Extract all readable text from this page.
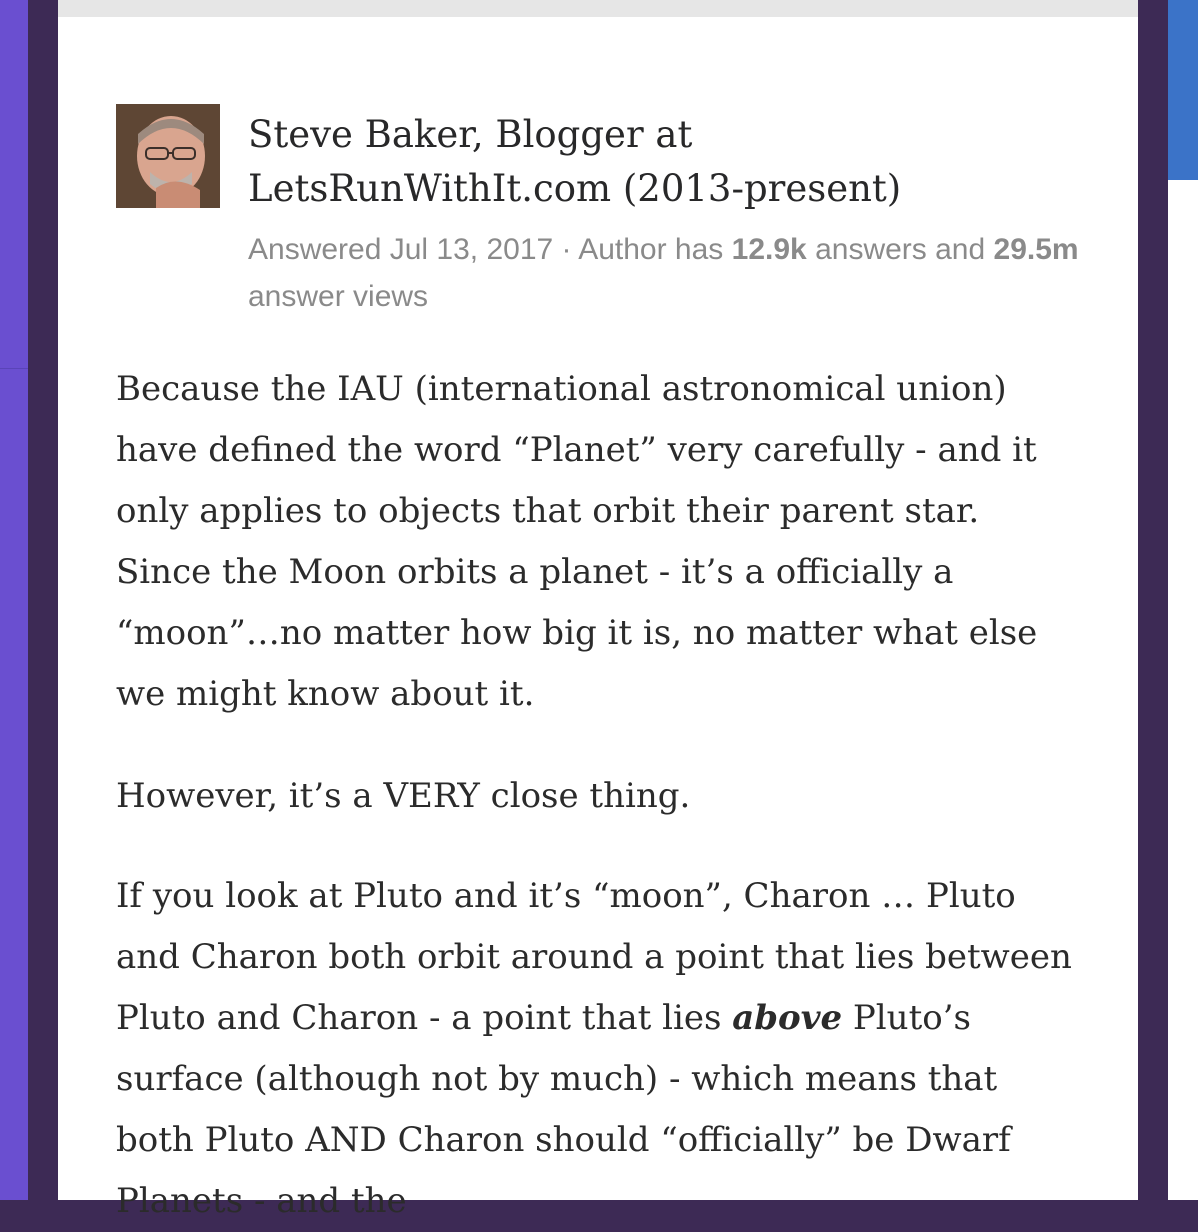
Steve Baker, Blogger at
LetsRunWithIt.com (2013-present)
Answered Jul 13, 2017 · Author has 12.9k answers and 29.5m answer views

Because the IAU (international astronomical union) have defined the word “Planet” very carefully - and it only applies to objects that orbit their parent star. Since the Moon orbits a planet - it’s a officially a “moon”…no matter how big it is, no matter what else we might know about it.

However, it’s a VERY close thing.

If you look at Pluto and it’s “moon”, Charon … Pluto and Charon both orbit around a point that lies between Pluto and Charon - a point that lies above Pluto’s surface (although not by much) - which means that both Pluto AND Charon should “officially” be Dwarf Planets - and the
